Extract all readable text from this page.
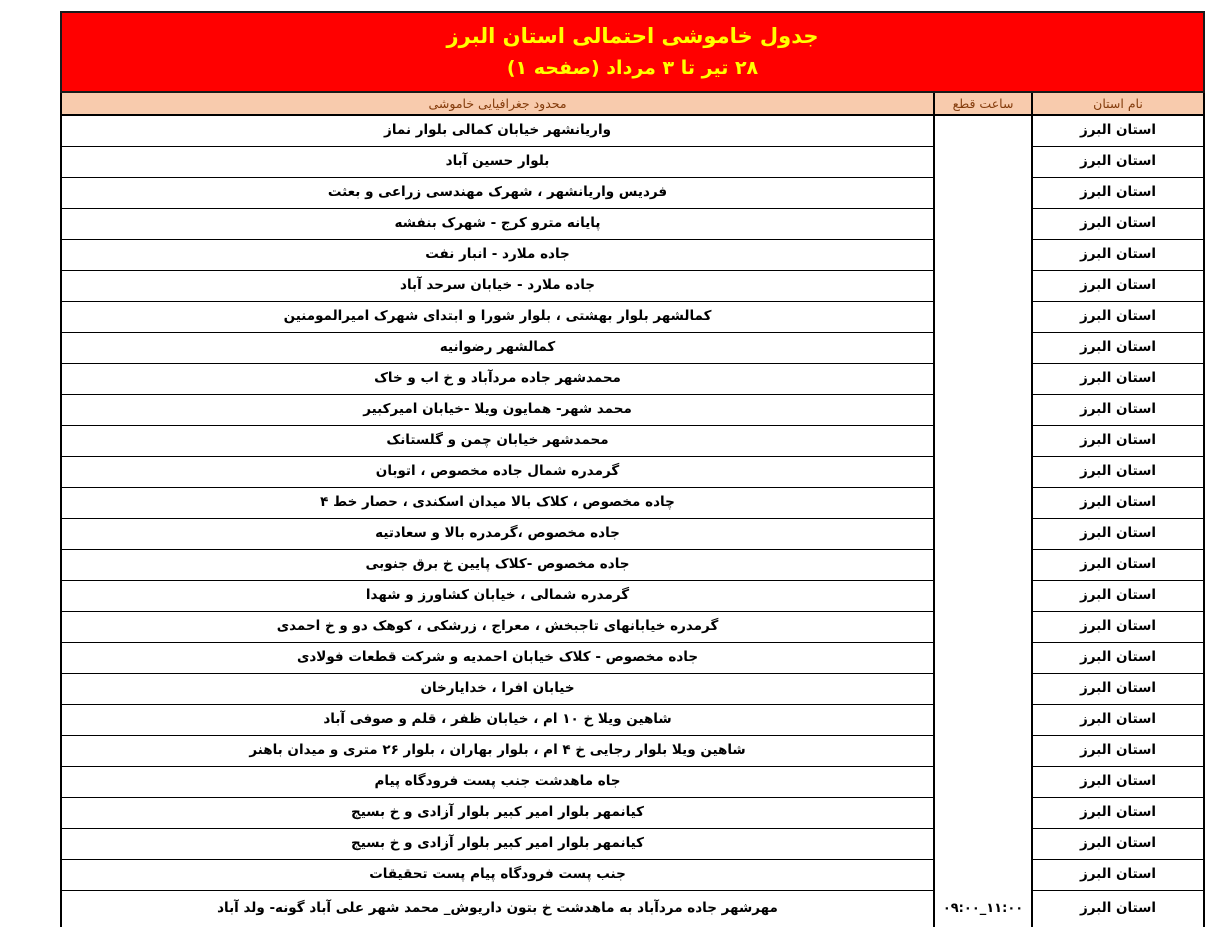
جدول خاموشی احتمالی استان البرز
۲۸ تیر تا ۳ مرداد (صفحه ۱)
نام استان
ساعت قطع
محدود جغرافیایی خاموشی
استان البرز
استان البرز
استان البرز
استان البرز
استان البرز
استان البرز
استان البرز
استان البرز
استان البرز
استان البرز
استان البرز
استان البرز
استان البرز
استان البرز
استان البرز
استان البرز
استان البرز
استان البرز
استان البرز
استان البرز
استان البرز
استان البرز
استان البرز
استان البرز
استان البرز
استان البرز
۰۹:۰۰_۱۱:۰۰
واریانشهر خیابان کمالی بلوار نماز
بلوار حسین آباد
فردیس واریانشهر ، شهرک مهندسی زراعی و بعثت
پایانه مترو کرج - شهرک بنفشه
جاده ملارد - انبار نفت
جاده ملارد - خیابان سرحد آباد
کمالشهر بلوار بهشتی ، بلوار شورا و ابتدای شهرک امیرالمومنین
کمالشهر رضوانیه
محمدشهر جاده مردآباد و خ اب و خاک
محمد شهر- همایون ویلا -خیابان امیرکبیر
محمدشهر خیابان چمن و گلستانک
گرمدره شمال جاده مخصوص ، اتوبان
چاده مخصوص ، کلاک بالا میدان اسکندی ، حصار خط ۴
جاده مخصوص ،گرمدره بالا و سعادتیه
جاده مخصوص -کلاک پایین خ برق جنوبی
گرمدره شمالی ، خیابان کشاورز و شهدا
گرمدره خیابانهای تاجبخش ، معراج ، زرشکی ، کوهک دو و خ احمدی
جاده مخصوص - کلاک خیابان احمدیه و شرکت قطعات فولادی
خیابان افرا ، خدایارخان
شاهین ویلا خ ۱۰ ام ، خیابان ظفر ، قلم و صوفی آباد
شاهین ویلا بلوار رجایی خ ۴ ام ، بلوار بهاران ، بلوار ۲۶ متری و میدان باهنر
جاه ماهدشت جنب پست فرودگاه پیام
کیانمهر بلوار امیر کبیر بلوار آزادی و خ بسیج
کیانمهر بلوار امیر کبیر بلوار آزادی و خ بسیج
جنب پست فرودگاه پیام پست تحقیقات
مهرشهر جاده مردآباد به ماهدشت خ بتون داریوش_ محمد شهر علی آباد گونه- ولد آباد
